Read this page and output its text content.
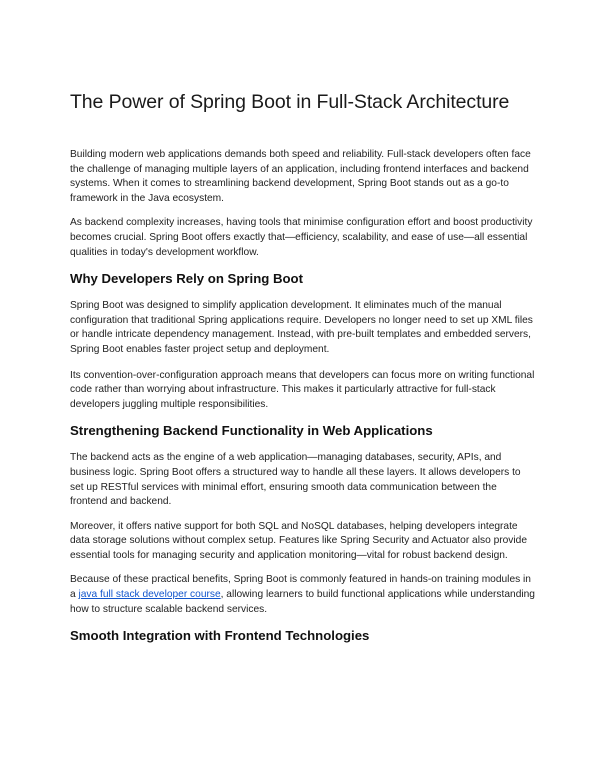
The Power of Spring Boot in Full-Stack Architecture

Building modern web applications demands both speed and reliability. Full-stack developers often face the challenge of managing multiple layers of an application, including frontend interfaces and backend systems. When it comes to streamlining backend development, Spring Boot stands out as a go-to framework in the Java ecosystem.

As backend complexity increases, having tools that minimise configuration effort and boost productivity becomes crucial. Spring Boot offers exactly that—efficiency, scalability, and ease of use—all essential qualities in today's development workflow.

Why Developers Rely on Spring Boot

Spring Boot was designed to simplify application development. It eliminates much of the manual configuration that traditional Spring applications require. Developers no longer need to set up XML files or handle intricate dependency management. Instead, with pre-built templates and embedded servers, Spring Boot enables faster project setup and deployment.

Its convention-over-configuration approach means that developers can focus more on writing functional code rather than worrying about infrastructure. This makes it particularly attractive for full-stack developers juggling multiple responsibilities.

Strengthening Backend Functionality in Web Applications

The backend acts as the engine of a web application—managing databases, security, APIs, and business logic. Spring Boot offers a structured way to handle all these layers. It allows developers to set up RESTful services with minimal effort, ensuring smooth data communication between the frontend and backend.

Moreover, it offers native support for both SQL and NoSQL databases, helping developers integrate data storage solutions without complex setup. Features like Spring Security and Actuator also provide essential tools for managing security and application monitoring—vital for robust backend design.

Because of these practical benefits, Spring Boot is commonly featured in hands-on training modules in a java full stack developer course, allowing learners to build functional applications while understanding how to structure scalable backend services.

Smooth Integration with Frontend Technologies
